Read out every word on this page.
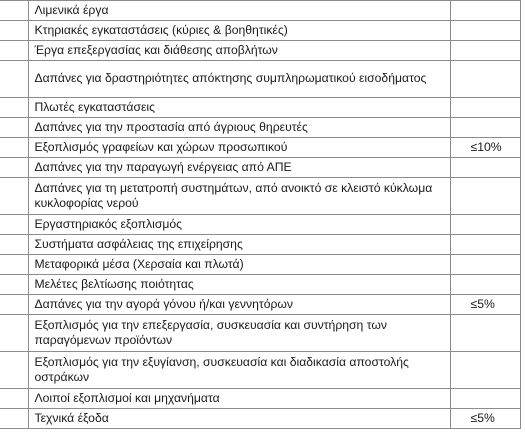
	Λιμενικά έργα	
	Κτηριακές εγκαταστάσεις (κύριες & βοηθητικές)	
	Έργα επεξεργασίας και διάθεσης αποβλήτων	
	Δαπάνες για δραστηριότητες απόκτησης συμπληρωματικού εισοδήματος	
	Πλωτές εγκαταστάσεις	
	Δαπάνες για την προστασία από άγριους θηρευτές	
	Εξοπλισμός γραφείων και χώρων προσωπικού	≤10%
	Δαπάνες για την παραγωγή ενέργειας από ΑΠΕ	
	Δαπάνες για τη μετατροπή συστημάτων, από ανοικτό σε κλειστό κύκλωμα κυκλοφορίας νερού	
	Εργαστηριακός εξοπλισμός	
	Συστήματα ασφάλειας της επιχείρησης	
	Μεταφορικά μέσα (Χερσαία και πλωτά)	
	Μελέτες βελτίωσης ποιότητας	
	Δαπάνες για την αγορά γόνου ή/και γεννητόρων	≤5%
	Εξοπλισμός για την επεξεργασία, συσκευασία και συντήρηση των παραγόμενων προϊόντων	
	Εξοπλισμός για την εξυγίανση, συσκευασία και διαδικασία αποστολής οστράκων	
	Λοιποί εξοπλισμοί και μηχανήματα	
	Τεχνικά έξοδα	≤5%
